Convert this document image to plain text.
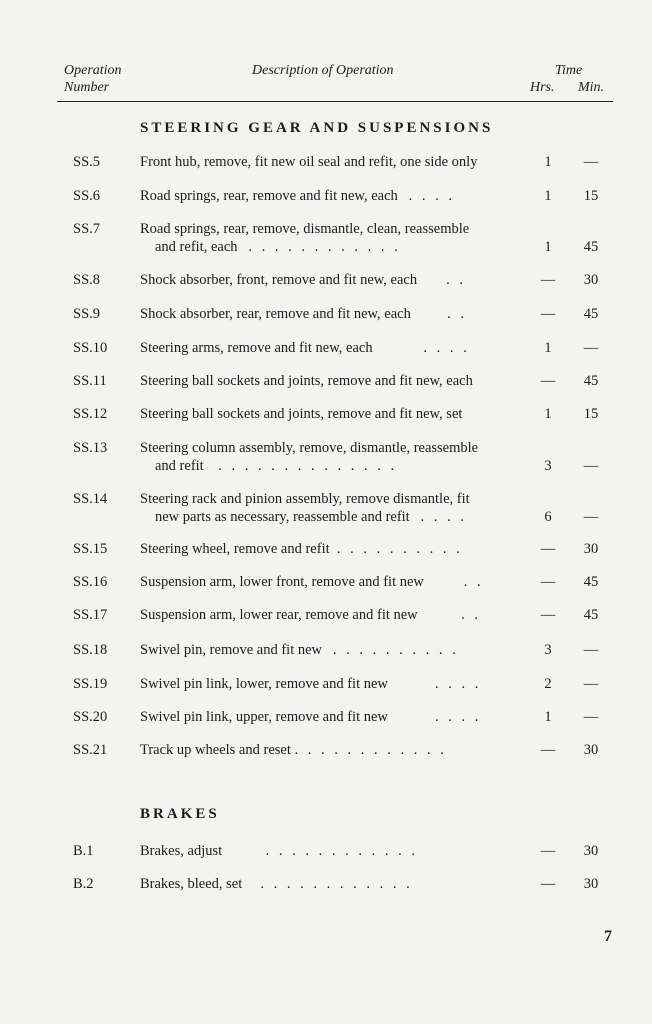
Operation
Number
Description of Operation	Time
Hrs. Min.
STEERING GEAR AND SUSPENSIONS
SS.5	Front hub, remove, fit new oil seal and refit, one side only	1	—
SS.6	Road springs, rear, remove and fit new, each . . . .	1	15
SS.7	Road springs, rear, remove, dismantle, clean, reassemble
and refit, each . . . . . . . . . . . .	1	45
SS.8	Shock absorber, front, remove and fit new, each . .	—	30
SS.9	Shock absorber, rear, remove and fit new, each	. .	—	45
SS.10 Steering arms, remove and fit new, each	. . . .	1	—
SS.11 Steering ball sockets and joints, remove and fit new, each	—	45
SS.12 Steering ball sockets and joints, remove and fit new, set	1	15
SS.13 Steering column assembly, remove, dismantle, reassemble
and refit . . . . . . . . . . . . . .	3	—
SS.14 Steering rack and pinion assembly, remove dismantle, fit
new parts as necessary, reassemble and refit . . . .	6	—
SS.15 Steering wheel, remove and refit . . . . . . . . . .	—	30
SS.16 Suspension arm, lower front, remove and fit new	. .	—	45
SS.17 Suspension arm, lower rear, remove and fit new	. .	—	45
SS.18 Swivel pin, remove and fit new . . . . . . . . . .	3	—
SS.19 Swivel pin link, lower, remove and fit new	. . . .	2	—
SS.20 Swivel pin link, upper, remove and fit new	. . . .	1	—
SS.21 Track up wheels and reset . . . . . . . . . . . .	—	30
BRAKES
B.1	Brakes, adjust	. . . . . . . . . . . .	—	30
B.2	Brakes, bleed, set . . . . . . . . . . . .	—	30
7
